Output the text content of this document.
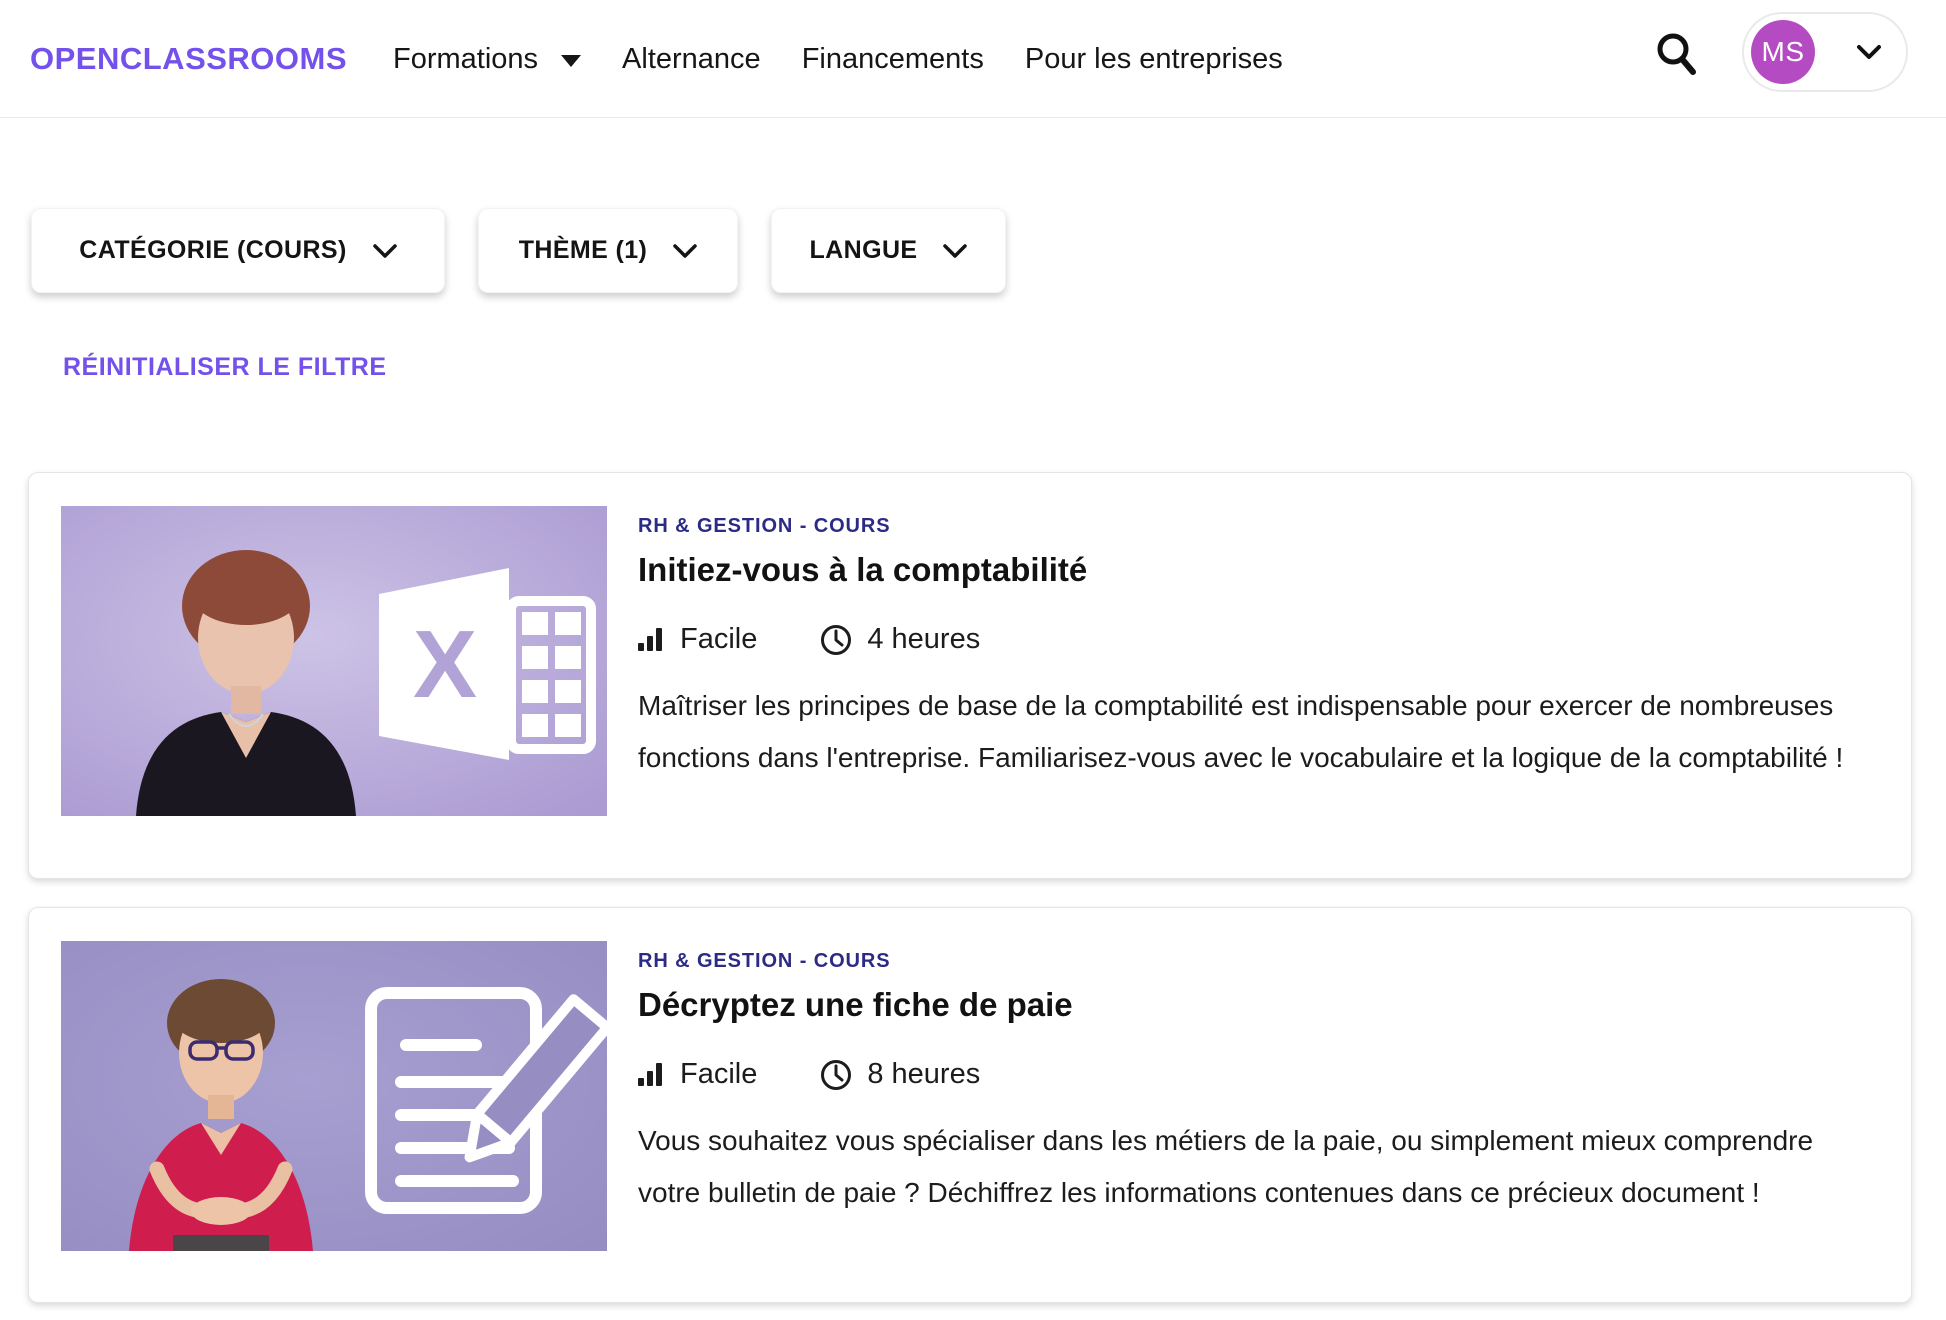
OPENCLASSROOMS Formations	Alternance Financements Pour les entreprises	MS
CATÉGORIE (COURS)	THÈME (1)	LANGUE
RÉINITIALISER LE FILTRE
X
RH & GESTION - COURS
Initiez-vous à la comptabilité
Facile	4 heures
Maîtriser les principes de base de la comptabilité est indispensable pour exercer de nombreuses fonctions dans l'entreprise. Familiarisez-vous avec le vocabulaire et la logique de la comptabilité !
RH & GESTION - COURS
Décryptez une fiche de paie
Facile	8 heures
Vous souhaitez vous spécialiser dans les métiers de la paie, ou simplement mieux comprendre votre bulletin de paie ? Déchiffrez les informations contenues dans ce précieux document !
